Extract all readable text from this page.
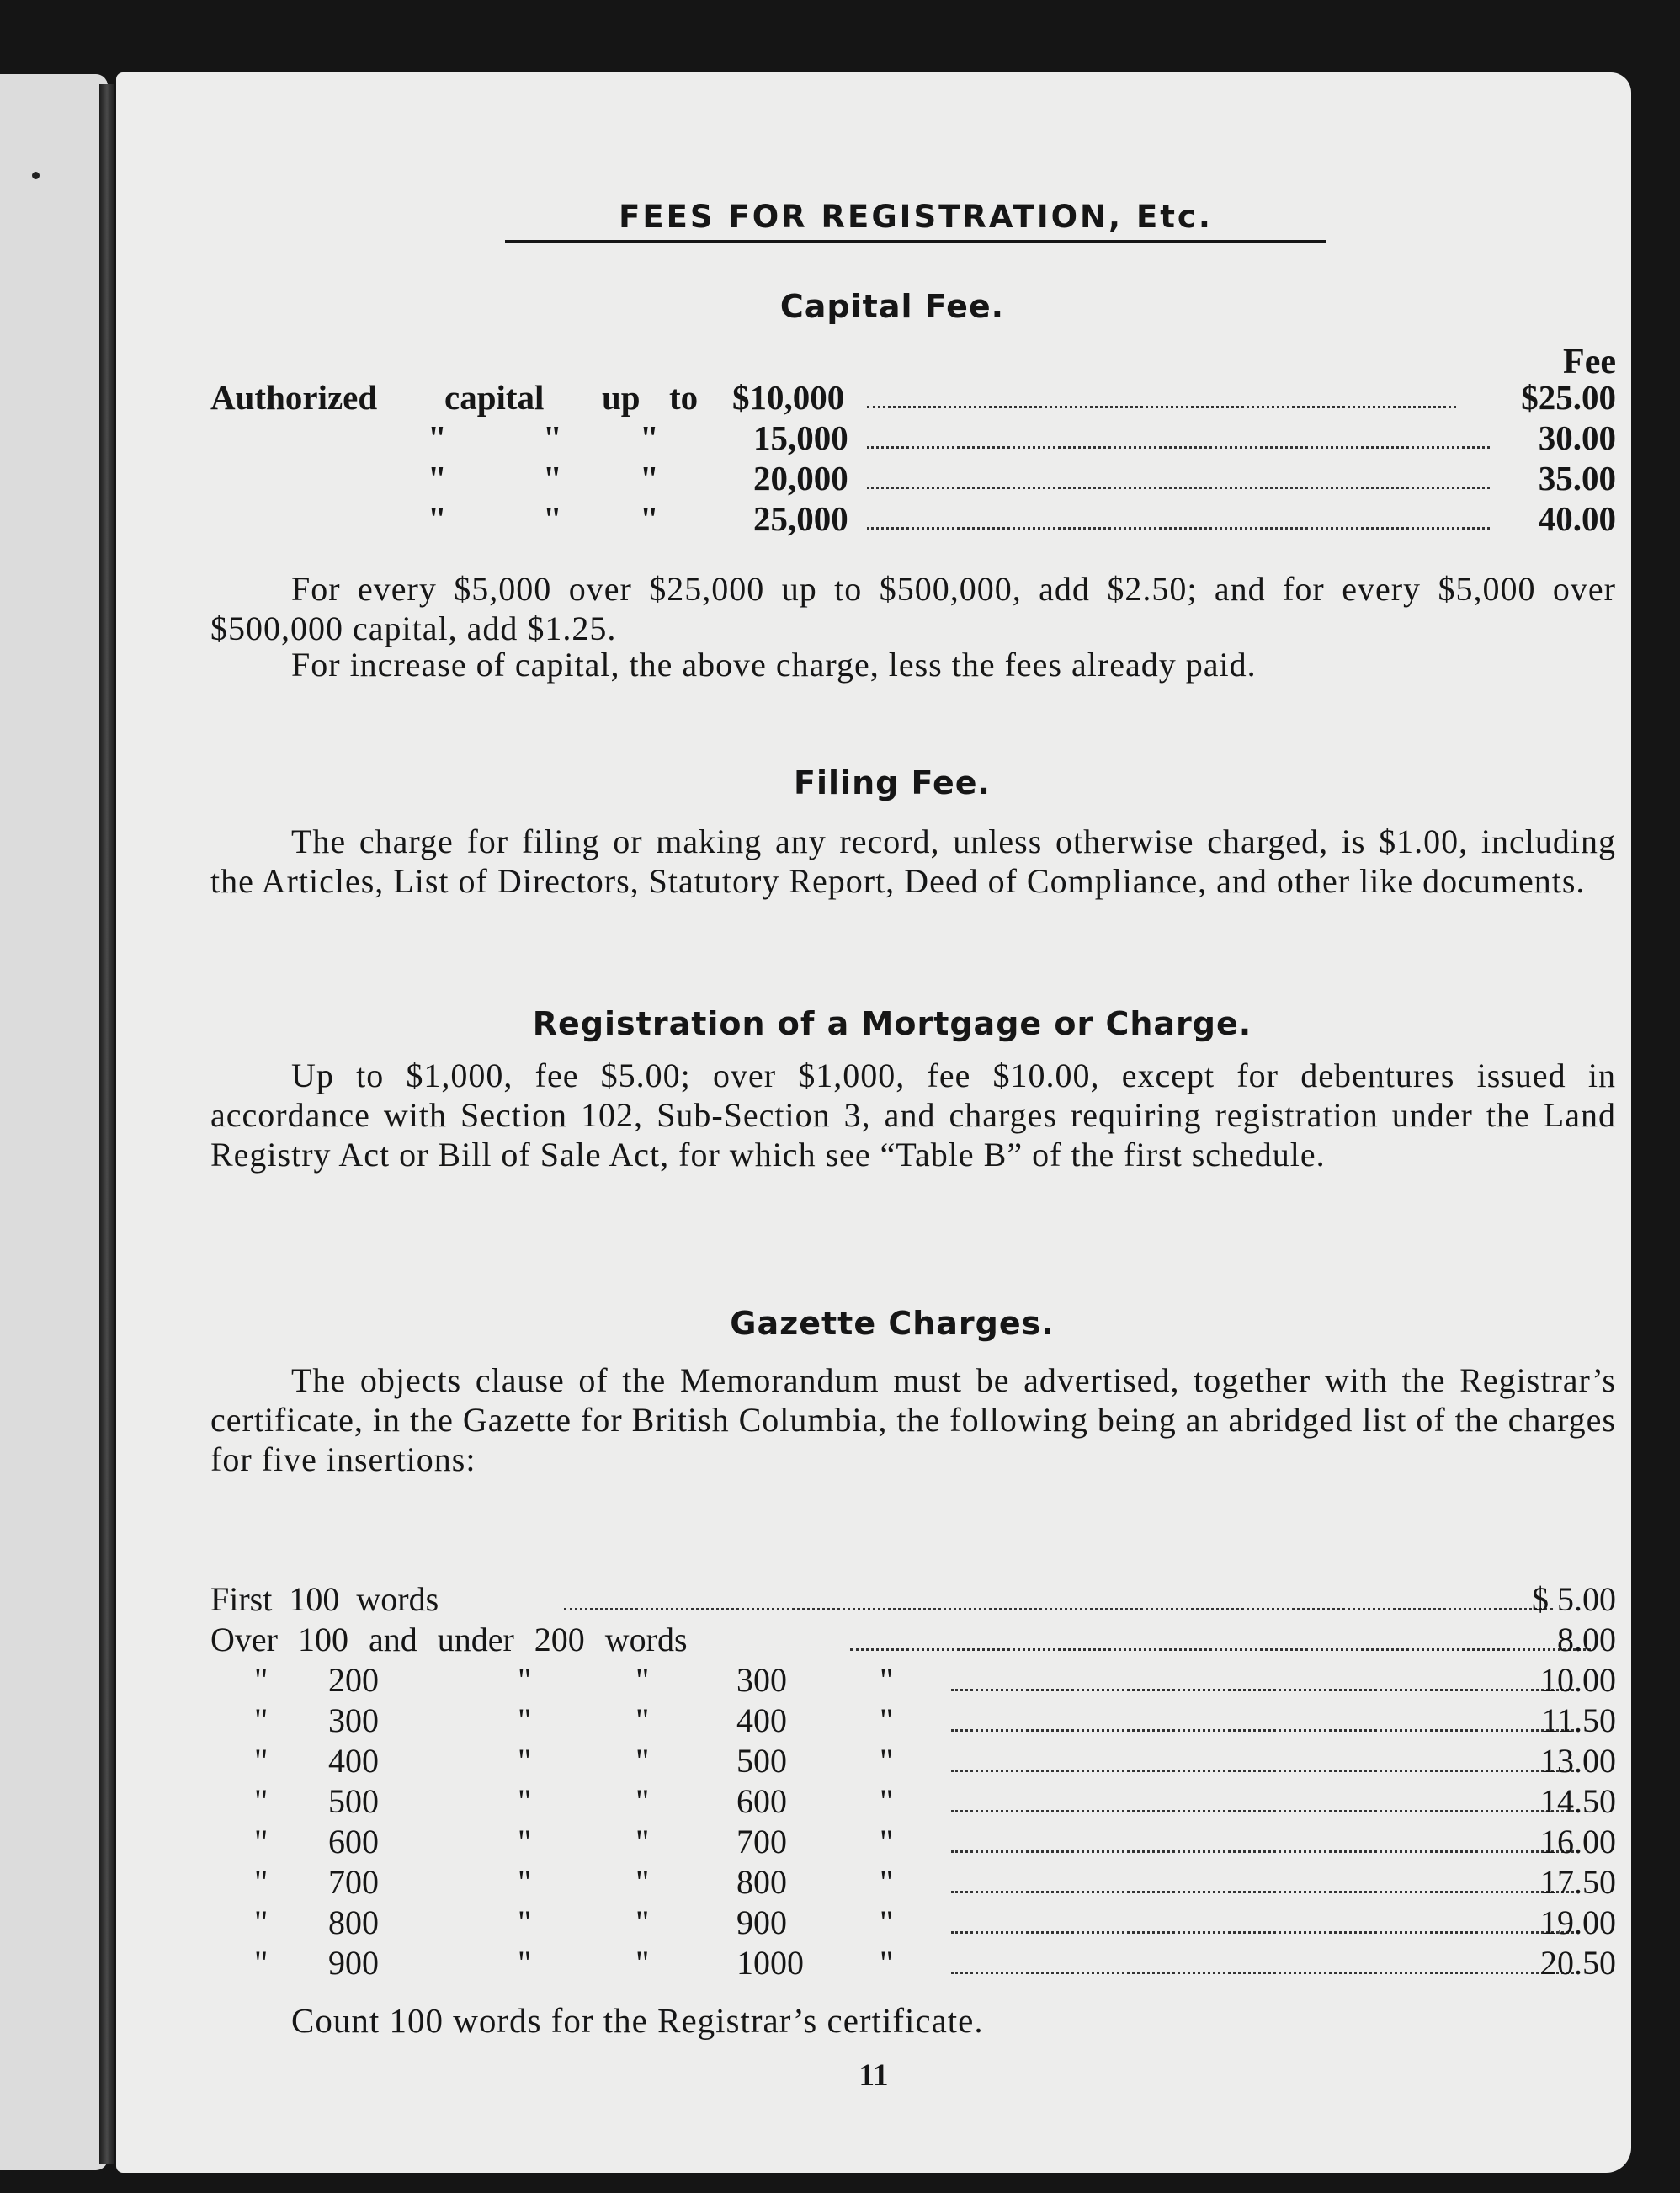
FEES FOR REGISTRATION, Etc.
Capital Fee.
Fee
Authorized capital up to $10,000	$25.00
"	" "	15,000	30.00
"	" "	20,000	35.00
"	" "	25,000	40.00
For every $5,000 over $25,000 up to $500,000, add $2.50; and for every $5,000 over $500,000 capital, add $1.25.
For increase of capital, the above charge, less the fees already paid.
Filing Fee.
The charge for filing or making any record, unless otherwise charged, is $1.00, including the Articles, List of Directors, Statutory Report, Deed of Compliance, and other like documents.
Registration of a Mortgage or Charge.
Up to $1,000, fee $5.00; over $1,000, fee $10.00, except for debentures issued in accordance with Section 102, Sub-Section 3, and charges requiring registration under the Land Registry Act or Bill of Sale Act, for which see “Table B” of the first schedule.
Gazette Charges.
The objects clause of the Memorandum must be advertised, together with the Registrar’s certificate, in the Gazette for British Columbia, the following being an abridged list of the charges for five insertions:
First 100 words	$ 5.00
Over 100 and under 200 words	8.00
" 200	"	"	300	"	10.00
" 300	"	"	400	"	11.50
" 400	"	"	500	"	13.00
" 500	"	"	600	"	14.50
" 600	"	"	700	"	16.00
" 700	"	"	800	"	17.50
" 800	"	"	900	"	19.00
" 900	"	"	1000 "	20.50
Count 100 words for the Registrar’s certificate.
11
